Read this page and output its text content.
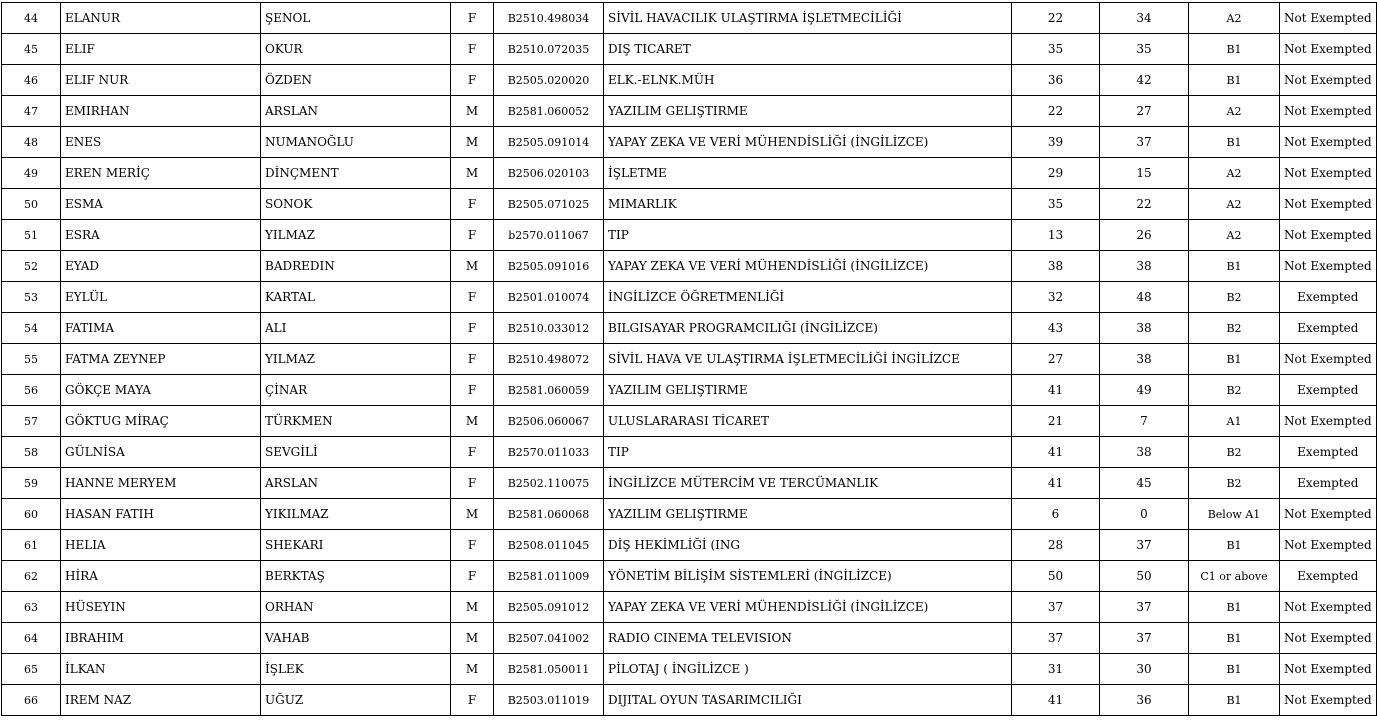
44	ELANUR	ŞENOL	F	B2510.498034	SİVİL HAVACILIK ULAŞTIRMA İŞLETMECİLİĞİ	22	34	A2	Not Exempted
45	ELIF	OKUR	F	B2510.072035	DIŞ TICARET	35	35	B1	Not Exempted
46	ELIF NUR	ÖZDEN	F	B2505.020020	ELK.-ELNK.MÜH	36	42	B1	Not Exempted
47	EMIRHAN	ARSLAN	M	B2581.060052	YAZILIM GELIŞTIRME	22	27	A2	Not Exempted
48	ENES	NUMANOĞLU	M	B2505.091014	YAPAY ZEKA VE VERİ MÜHENDİSLİĞİ (İNGİLİZCE)	39	37	B1	Not Exempted
49	EREN MERİÇ	DİNÇMENT	M	B2506.020103	İŞLETME	29	15	A2	Not Exempted
50	ESMA	SONOK	F	B2505.071025	MIMARLIK	35	22	A2	Not Exempted
51	ESRA	YILMAZ	F	b2570.011067	TIP	13	26	A2	Not Exempted
52	EYAD	BADREDIN	M	B2505.091016	YAPAY ZEKA VE VERİ MÜHENDİSLİĞİ (İNGİLİZCE)	38	38	B1	Not Exempted
53	EYLÜL	KARTAL	F	B2501.010074	İNGİLİZCE ÖĞRETMENLİĞİ	32	48	B2	Exempted
54	FATIMA	ALI	F	B2510.033012	BILGISAYAR PROGRAMCILIĞI (İNGİLİZCE)	43	38	B2	Exempted
55	FATMA ZEYNEP	YILMAZ	F	B2510.498072	SİVİL HAVA VE ULAŞTIRMA İŞLETMECİLİĞİ İNGİLİZCE	27	38	B1	Not Exempted
56	GÖKÇE MAYA	ÇİNAR	F	B2581.060059	YAZILIM GELIŞTIRME	41	49	B2	Exempted
57	GÖKTUG MİRAÇ	TÜRKMEN	M	B2506.060067	ULUSLARARASI TİCARET	21	7	A1	Not Exempted
58	GÜLNİSA	SEVGİLİ	F	B2570.011033	TIP	41	38	B2	Exempted
59	HANNE MERYEM	ARSLAN	F	B2502.110075	İNGİLİZCE MÜTERCİM VE TERCÜMANLIK	41	45	B2	Exempted
60	HASAN FATIH	YIKILMAZ	M	B2581.060068	YAZILIM GELIŞTIRME	6	0	Below A1	Not Exempted
61	HELIA	SHEKARI	F	B2508.011045	DİŞ HEKİMLİĞİ (ING	28	37	B1	Not Exempted
62	HİRA	BERKTAŞ	F	B2581.011009	YÖNETİM BİLİŞİM SİSTEMLERİ (İNGİLİZCE)	50	50	C1 or above	Exempted
63	HÜSEYIN	ORHAN	M	B2505.091012	YAPAY ZEKA VE VERİ MÜHENDİSLİĞİ (İNGİLİZCE)	37	37	B1	Not Exempted
64	IBRAHIM	VAHAB	M	B2507.041002	RADIO CINEMA TELEVISION	37	37	B1	Not Exempted
65	İLKAN	İŞLEK	M	B2581.050011	PİLOTAJ ( İNGİLİZCE )	31	30	B1	Not Exempted
66	IREM NAZ	UĞUZ	F	B2503.011019	DIJITAL OYUN TASARIMCILIĞI	41	36	B1	Not Exempted
